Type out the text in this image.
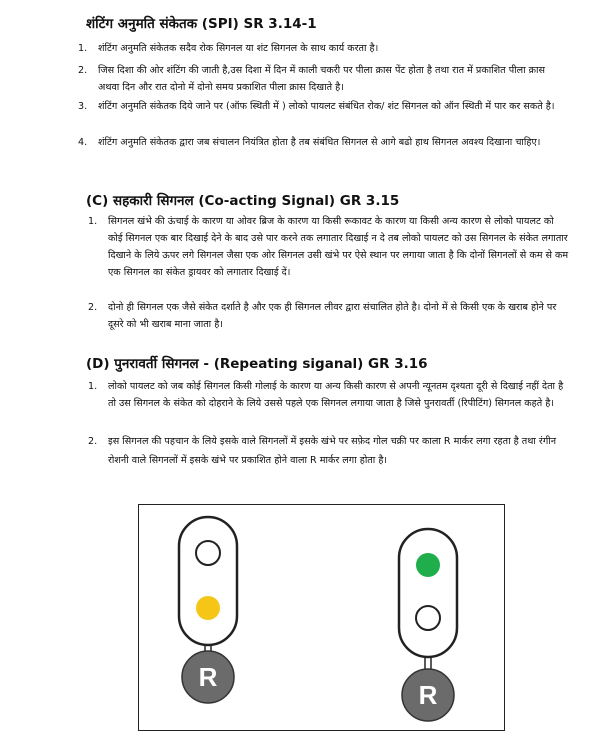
शंटिंग अनुमति संकेतक (SPI) SR 3.14-1
1. शंटिंग अनुमति संकेतक सदैव रोक सिगनल या शंट सिगनल के साथ कार्य करता है।
2. जिस दिशा की ओर शंटिंग की जाती है,उस दिशा में दिन में काली चकरी पर पीला क्रास पेंट होता है तथा रात में प्रकाशित पीला क्रास अथवा दिन और रात दोनो में दोनो समय प्रकाशित पीला क्रास दिखाते है।
3. शंटिंग अनुमति संकेतक दिये जाने पर (ऑफ स्थिती में ) लोको पायलट संबंधित रोक/ शंट सिगनल को ऑन स्थिती में पार कर सकते है।
4. शंटिंग अनुमति संकेतक द्वारा जब संचालन नियंत्रित होता है तब संबंधित सिगनल से आगे बढो हाथ सिगनल अवश्य दिखाना चाहिए।
(C) सहकारी सिगनल (Co-acting Signal) GR 3.15
1. सिगनल खंभे की ऊंचाई के कारण या ओवर ब्रिज के कारण या किसी रूकावट के कारण या किसी अन्य कारण से लोको पायलट को कोई सिगनल एक बार दिखाई देने के बाद उसे पार करने तक लगातार दिखाई न दे तब लोको पायलट को उस सिगनल के संकेत लगातार दिखाने के लिये ऊपर लगे सिगनल जैसा एक ओर सिगनल उसी खंभे पर ऐसे स्थान पर लगाया जाता है कि दोनों सिगनलों से कम से कम एक सिगनल का संकेत ड्रायवर को लगातार दिखाई दें।
2. दोनो ही सिगनल एक जैसे संकेत दर्शाते है और एक ही सिगनल लीवर द्वारा संचालित होते है। दोनो में से किसी एक के खराब होने पर दूसरे को भी खराब माना जाता है।
(D) पुनरावर्ती सिगनल - (Repeating siganal) GR 3.16
1. लोको पायलट को जब कोई सिगनल किसी गोलाई के कारण या अन्य किसी कारण से अपनी न्यूनतम दृश्यता दूरी से दिखाई नहीं देता है तो उस सिगनल के संकेत को दोहराने के लिये उससे पहले एक सिगनल लगाया जाता है जिसे पुनरावर्ती (रिपीटिंग) सिगनल कहते है।
2. इस सिगनल की पहचान के लिये इसके वाले सिगनलों में इसके खंभे पर सफ़ेद गोल चक्री पर काला R मार्कर लगा रहता है तथा रंगीन रोशनी वाले सिगनलों में इसके खंभे पर प्रकाशित होने वाला R मार्कर लगा होता है।
R
R
